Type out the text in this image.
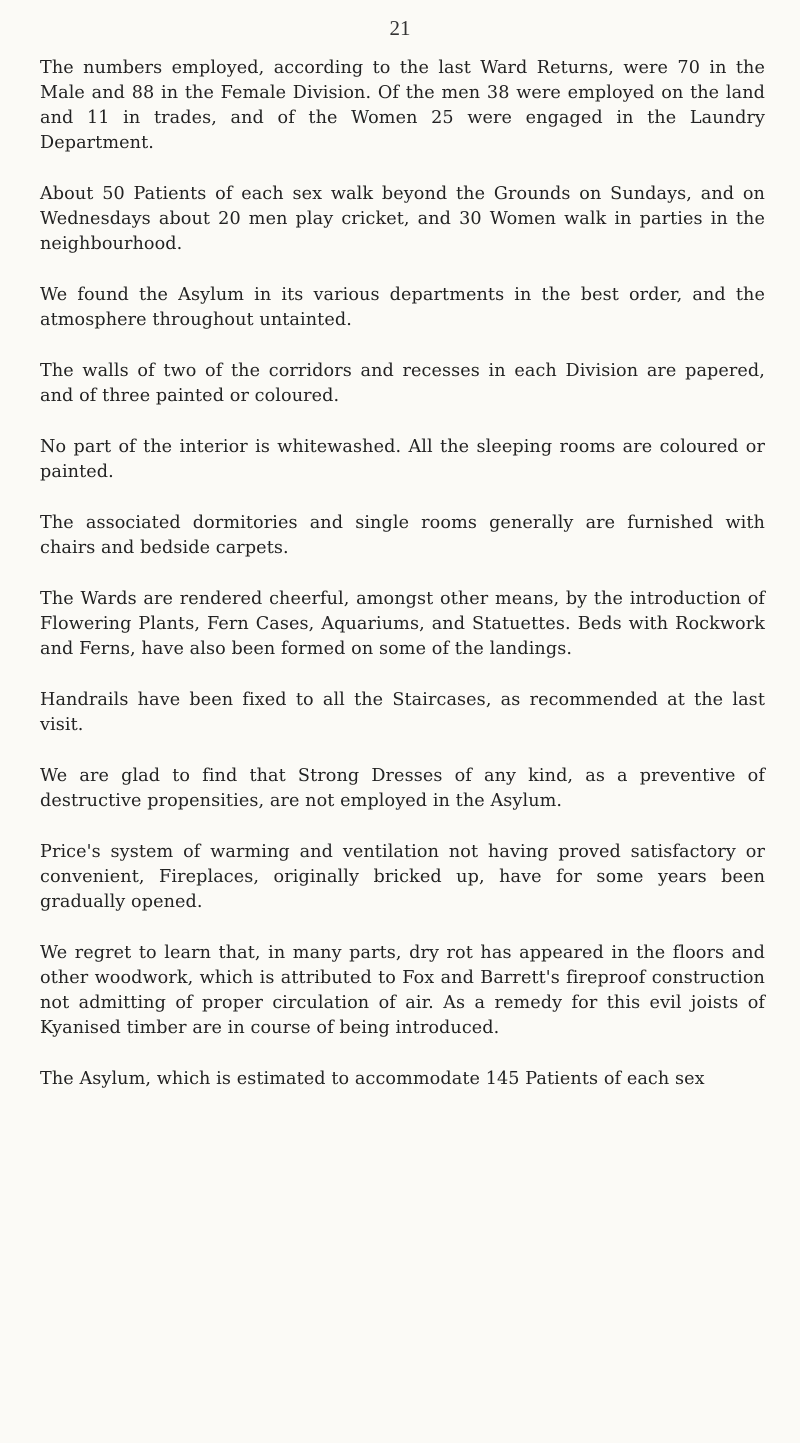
21

The numbers employed, according to the last Ward Returns, were 70 in the Male and 88 in the Female Division. Of the men 38 were employed on the land and 11 in trades, and of the Women 25 were engaged in the Laundry Department.

About 50 Patients of each sex walk beyond the Grounds on Sundays, and on Wednesdays about 20 men play cricket, and 30 Women walk in parties in the neighbourhood.

We found the Asylum in its various departments in the best order, and the atmosphere throughout untainted.

The walls of two of the corridors and recesses in each Division are papered, and of three painted or coloured.

No part of the interior is whitewashed. All the sleeping rooms are coloured or painted.

The associated dormitories and single rooms generally are furnished with chairs and bedside carpets.

The Wards are rendered cheerful, amongst other means, by the introduction of Flowering Plants, Fern Cases, Aquariums, and Statuettes. Beds with Rockwork and Ferns, have also been formed on some of the landings.

Handrails have been fixed to all the Staircases, as recommended at the last visit.

We are glad to find that Strong Dresses of any kind, as a preventive of destructive propensities, are not employed in the Asylum.

Price's system of warming and ventilation not having proved satisfactory or convenient, Fireplaces, originally bricked up, have for some years been gradually opened.

We regret to learn that, in many parts, dry rot has appeared in the floors and other woodwork, which is attributed to Fox and Barrett's fireproof construction not admitting of proper circulation of air. As a remedy for this evil joists of Kyanised timber are in course of being introduced.

The Asylum, which is estimated to accommodate 145 Patients of each sex
